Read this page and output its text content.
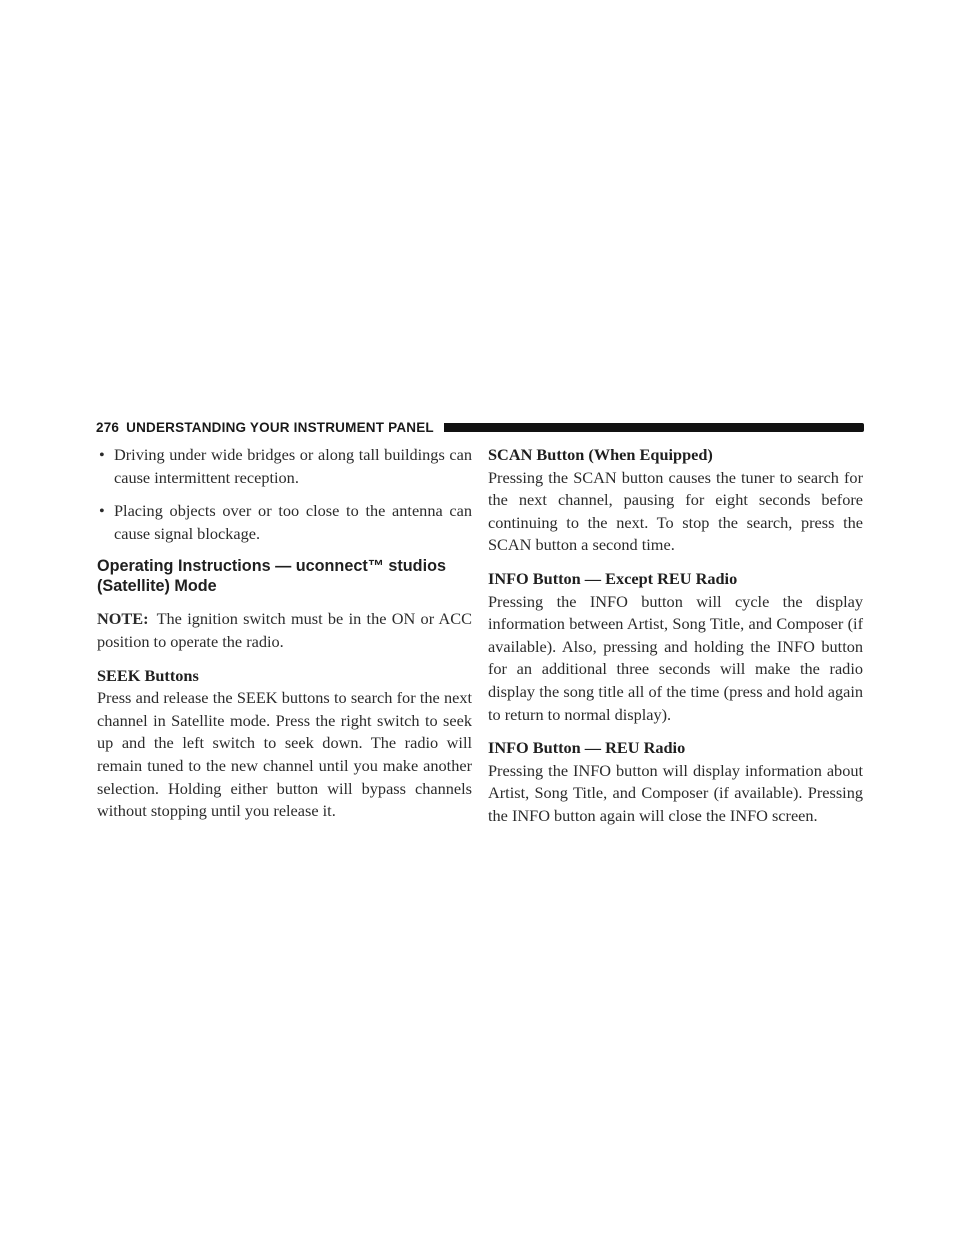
276 UNDERSTANDING YOUR INSTRUMENT PANEL
• Driving under wide bridges or along tall buildings can cause intermittent reception.
• Placing objects over or too close to the antenna can cause signal blockage.
Operating Instructions — uconnect™ studios (Satellite) Mode

NOTE: The ignition switch must be in the ON or ACC position to operate the radio.

SEEK Buttons

Press and release the SEEK buttons to search for the next channel in Satellite mode. Press the right switch to seek up and the left switch to seek down. The radio will remain tuned to the new channel until you make another selection. Holding either button will bypass channels without stopping until you release it.

SCAN Button (When Equipped)

Pressing the SCAN button causes the tuner to search for the next channel, pausing for eight seconds before continuing to the next. To stop the search, press the SCAN button a second time.

INFO Button — Except REU Radio

Pressing the INFO button will cycle the display information between Artist, Song Title, and Composer (if available). Also, pressing and holding the INFO button for an additional three seconds will make the radio display the song title all of the time (press and hold again to return to normal display).

INFO Button — REU Radio

Pressing the INFO button will display information about Artist, Song Title, and Composer (if available). Pressing the INFO button again will close the INFO screen.
